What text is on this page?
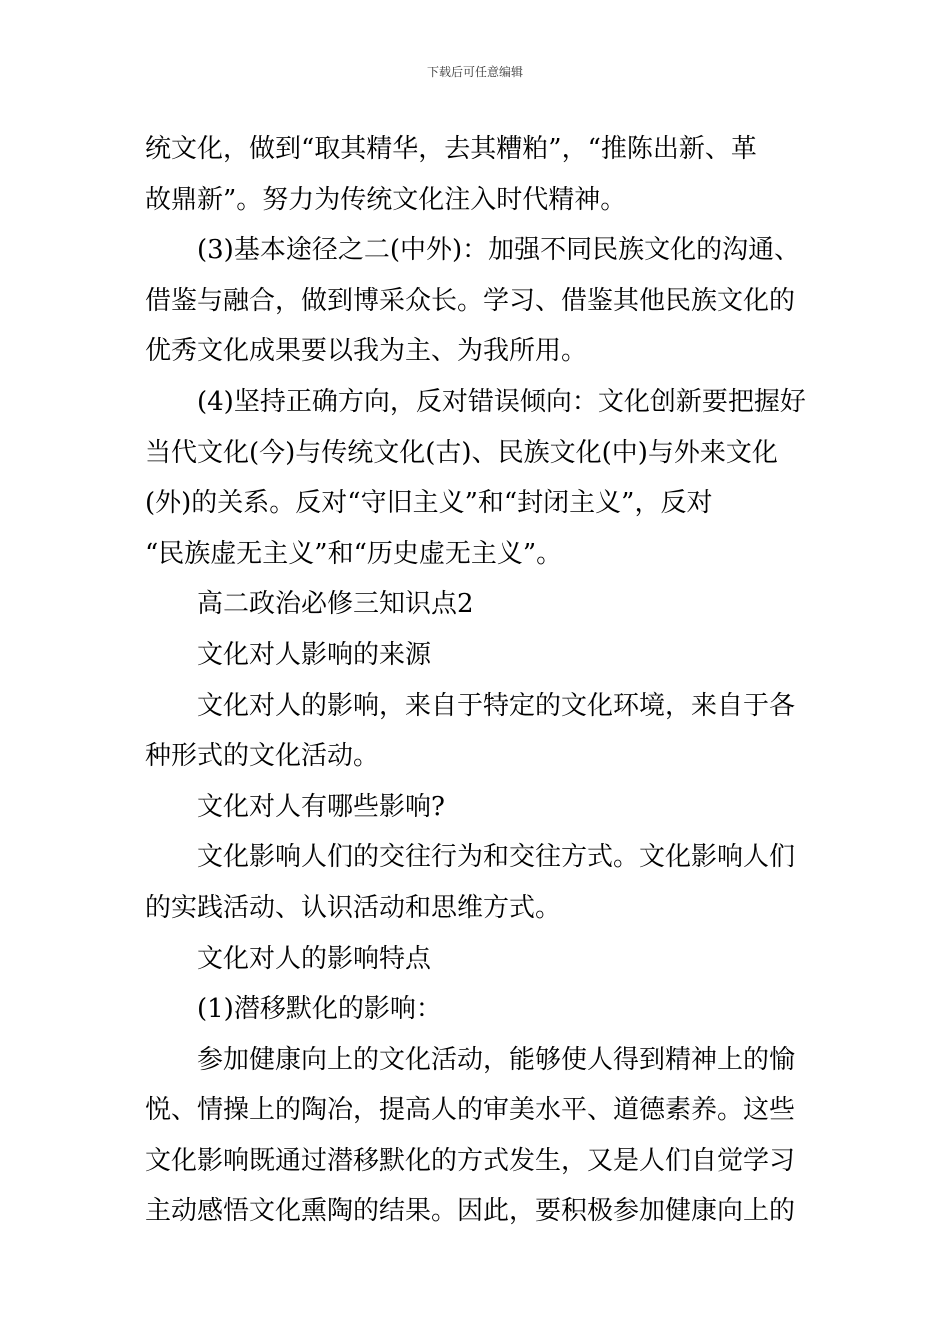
下载后可任意编辑
统文化，做到“取其精华，去其糟粕”，“推陈出新、革
故鼎新”。努力为传统文化注入时代精神。
(3)基本途径之二(中外)：加强不同民族文化的沟通、
借鉴与融合，做到博采众长。学习、借鉴其他民族文化的
优秀文化成果要以我为主、为我所用。
(4)坚持正确方向，反对错误倾向：文化创新要把握好
当代文化(今)与传统文化(古)、民族文化(中)与外来文化
(外)的关系。反对“守旧主义”和“封闭主义”，反对
“民族虚无主义”和“历史虚无主义”。
高二政治必修三知识点2
文化对人影响的来源
文化对人的影响，来自于特定的文化环境，来自于各
种形式的文化活动。
文化对人有哪些影响?
文化影响人们的交往行为和交往方式。文化影响人们
的实践活动、认识活动和思维方式。
文化对人的影响特点
(1)潜移默化的影响：
参加健康向上的文化活动，能够使人得到精神上的愉
悦、情操上的陶冶，提高人的审美水平、道德素养。这些
文化影响既通过潜移默化的方式发生，又是人们自觉学习
主动感悟文化熏陶的结果。因此，要积极参加健康向上的
